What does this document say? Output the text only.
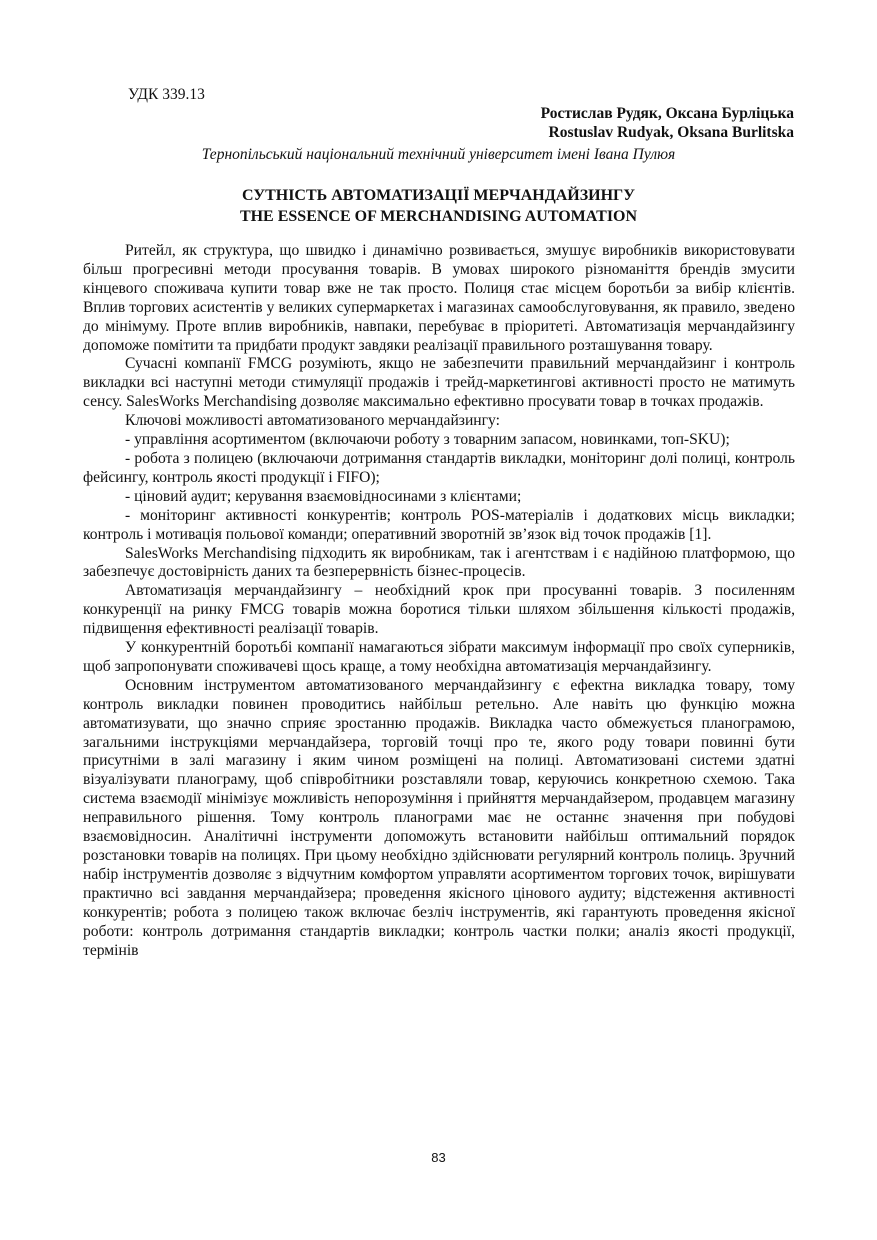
УДК 339.13
Ростислав Рудяк, Оксана Бурліцька
Rostuslav Rudyak, Oksana Burlitska
Тернопільський національний технічний університет імені Івана Пулюя
СУТНІСТЬ АВТОМАТИЗАЦІЇ МЕРЧАНДАЙЗИНГУ
THE ESSENCE OF MERCHANDISING AUTOMATION

Ритейл, як структура, що швидко і динамічно розвивається, змушує виробників використовувати більш прогресивні методи просування товарів. В умовах широкого різноманіття брендів змусити кінцевого споживача купити товар вже не так просто. Полиця стає місцем боротьби за вибір клієнтів. Вплив торгових асистентів у великих супермаркетах і магазинах самообслуговування, як правило, зведено до мінімуму. Проте вплив виробників, навпаки, перебуває в пріоритеті. Автоматизація мерчандайзингу допоможе помітити та придбати продукт завдяки реалізації правильного розташування товару.

Сучасні компанії FMCG розуміють, якщо не забезпечити правильний мерчандайзинг і контроль викладки всі наступні методи стимуляції продажів і трейд-маркетингові активності просто не матимуть сенсу. SalesWorks Merchandising дозволяє максимально ефективно просувати товар в точках продажів.

Ключові можливості автоматизованого мерчандайзингу:

- управління асортиментом (включаючи роботу з товарним запасом, новинками, топ-SKU);

- робота з полицею (включаючи дотримання стандартів викладки, моніторинг долі полиці, контроль фейсингу, контроль якості продукції і FIFO);

- ціновий аудит; керування взаємовідносинами з клієнтами;

- моніторинг активності конкурентів; контроль POS-матеріалів і додаткових місць викладки; контроль і мотивація польової команди; оперативний зворотній зв’язок від точок продажів [1].

SalesWorks Merchandising підходить як виробникам, так і агентствам і є надійною платформою, що забезпечує достовірність даних та безперервність бізнес-процесів.

Автоматизація мерчандайзингу – необхідний крок при просуванні товарів. З посиленням конкуренції на ринку FMCG товарів можна боротися тільки шляхом збільшення кількості продажів, підвищення ефективності реалізації товарів.

У конкурентній боротьбі компанії намагаються зібрати максимум інформації про своїх суперників, щоб запропонувати споживачеві щось краще, а тому необхідна автоматизація мерчандайзингу.

Основним інструментом автоматизованого мерчандайзингу є ефектна викладка товару, тому контроль викладки повинен проводитись найбільш ретельно. Але навіть цю функцію можна автоматизувати, що значно сприяє зростанню продажів. Викладка часто обмежується планограмою, загальними інструкціями мерчандайзера, торговій точці про те, якого роду товари повинні бути присутніми в залі магазину і яким чином розміщені на полиці. Автоматизовані системи здатні візуалізувати планограму, щоб співробітники розставляли товар, керуючись конкретною схемою. Така система взаємодії мінімізує можливість непорозуміння і прийняття мерчандайзером, продавцем магазину неправильного рішення. Тому контроль планограми має не останнє значення при побудові взаємовідносин. Аналітичні інструменти допоможуть встановити найбільш оптимальний порядок розстановки товарів на полицях. При цьому необхідно здійснювати регулярний контроль полиць. Зручний набір інструментів дозволяє з відчутним комфортом управляти асортиментом торгових точок, вирішувати практично всі завдання мерчандайзера; проведення якісного цінового аудиту; відстеження активності конкурентів; робота з полицею також включає безліч інструментів, які гарантують проведення якісної роботи: контроль дотримання стандартів викладки; контроль частки полки; аналіз якості продукції, термінів

83
